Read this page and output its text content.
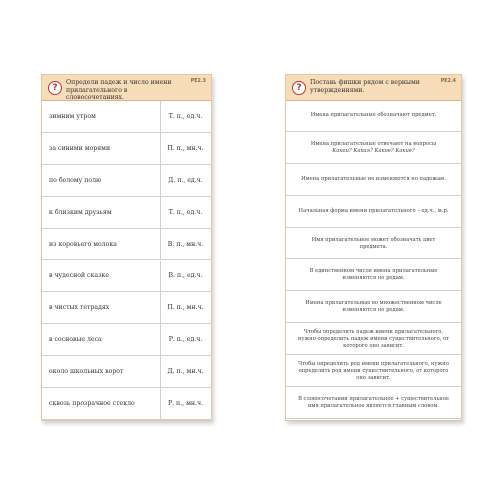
?
Определи падеж и число имени прилагательного в словосочетаниях.
РЕ2.3
зимним утром	Т. п., ед.ч.
за синими морями	П. п., мн.ч.
по белому полю	Д. п., ед.ч.
к близким друзьям	Т. п., ед.ч.
из коровьего молока	В. п., мн.ч.
в чудесной сказке	В. п., ед.ч.
в чистых тетрадях	П. п., мн.ч.
в сосновые леса	Р. п., ед.ч.
около школьных ворот	Д. п., мн.ч.
сквозь прозрачное стекло	Р. п., мн.ч.
?
Поставь фишки рядом с верными утверждениями.
РЕ2.4
Имена прилагательные обозначают предмет.
Имена прилагательные отвечают на вопросы
Какой? Какая? Какое? Какие?
Имена прилагательные не изменяются по падежам.
Начальная форма имени прилагательного – ед.ч., м.р.
Имя прилагательное может обозначать цвет предмета.
В единственном числе имена прилагательные изменяются по родам.
Имена прилагательные во множественном числе изменяются по родам.
Чтобы определить падеж имени прилагательного, нужно определить падеж имени существительного, от которого оно зависит.
Чтобы определить род имени прилагательного, нужно определить род имени существительного, от которого оно зависит.
В словосочетании прилагательное + существительное имя прилагательное является главным словом.
